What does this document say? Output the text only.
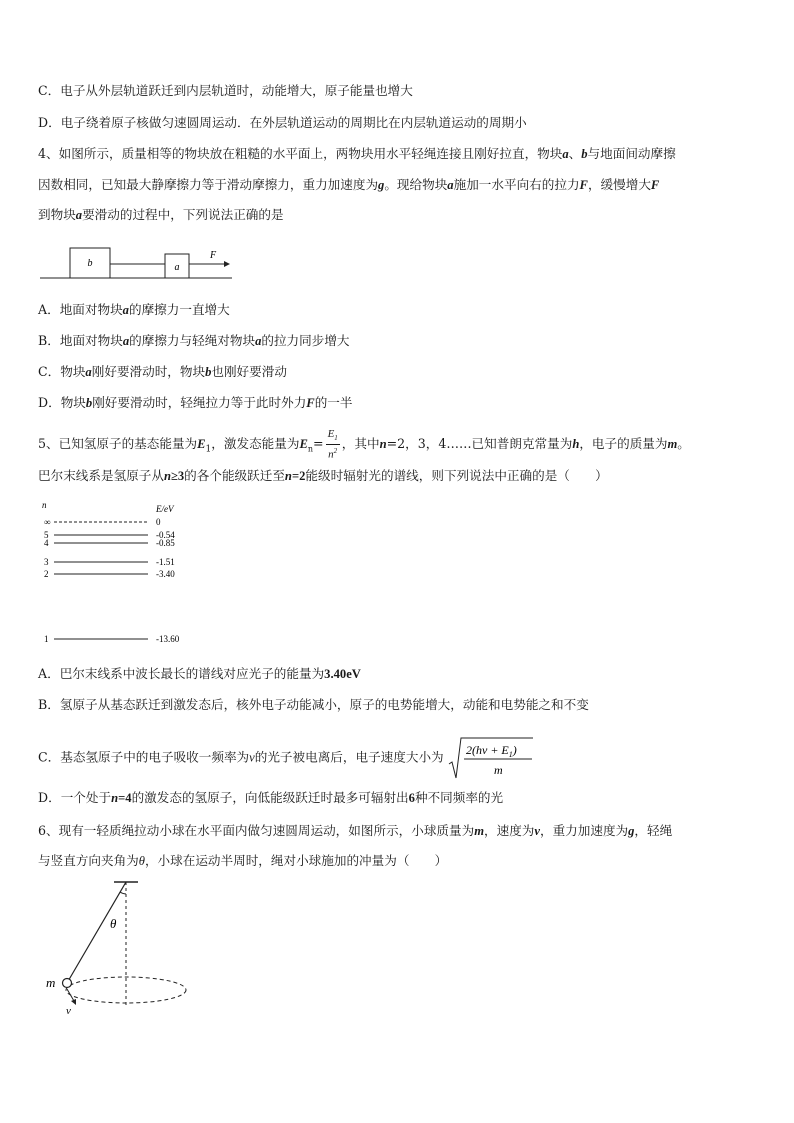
C．电子从外层轨道跃迁到内层轨道时，动能增大，原子能量也增大
D．电子绕着原子核做匀速圆周运动．在外层轨道运动的周期比在内层轨道运动的周期小
4、如图所示，质量相等的物块放在粗糙的水平面上，两物块用水平轻绳连接且刚好拉直，物块a、b与地面间动摩擦
因数相同，已知最大静摩擦力等于滑动摩擦力，重力加速度为g。现给物块a施加一水平向右的拉力F，缓慢增大F
到物块a要滑动的过程中，下列说法正确的是
b	a
F
A．地面对物块a的摩擦力一直增大
B．地面对物块a的摩擦力与轻绳对物块a的拉力同步增大
C．物块a刚好要滑动时，物块b也刚好要滑动
D．物块b刚好要滑动时，轻绳拉力等于此时外力F的一半
5、已知氢原子的基态能量为$E_1$，激发态能量为$E_n= \frac{E_1}{n^2}$ ，其中n=2，3，4……已知普朗克常量为h，电子的质量为m。
巴尔末线系是氢原子从n≥3的各个能级跃迁至n=2能级时辐射光的谱线，则下列说法中正确的是（　　）
n	E/eV
∞	0
5	-0.54
4	-0.85
3	-1.51
2	-3.40
1	-13.60
A．巴尔末线系中波长最长的谱线对应光子的能量为3.40eV
B．氢原子从基态跃迁到激发态后，核外电子动能减小，原子的电势能增大，动能和电势能之和不变
C．基态氢原子中的电子吸收一频率为ν的光子被电离后，电子速度大小为 $2(h\nu + E_1)$
m
D．一个处于n=4的激发态的氢原子，向低能级跃迁时最多可辐射出6种不同频率的光
6、现有一轻质绳拉动小球在水平面内做匀速圆周运动，如图所示，小球质量为m，速度为v，重力加速度为g，轻绳
与竖直方向夹角为θ，小球在运动半周时，绳对小球施加的冲量为（　　）
θ
m
v
